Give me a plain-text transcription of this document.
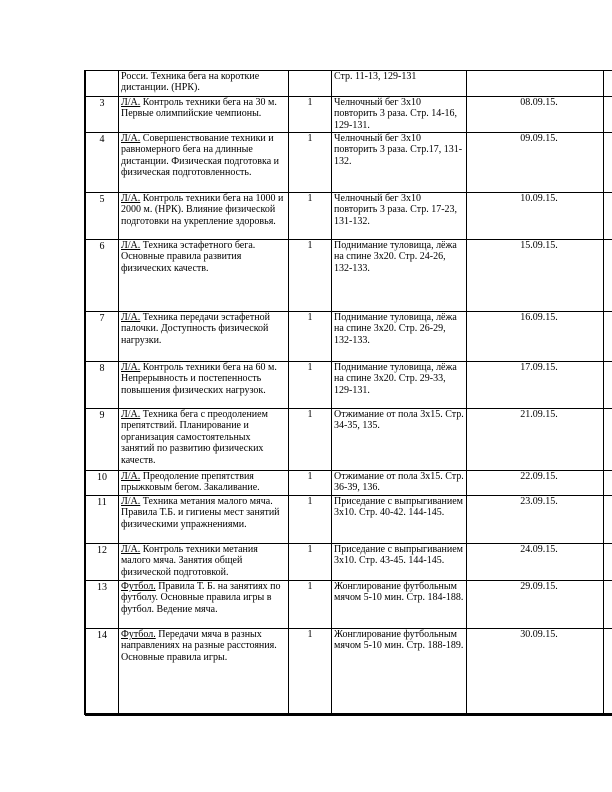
	Росси. Техника бега на короткие дистанции. (НРК).		Стр. 11-13, 129-131		
3	Л/А. Контроль техники бега на 30 м. Первые олимпийские чемпионы.	1	Челночный бег 3х10 повторить 3 раза. Стр. 14-16, 129-131.	08.09.15.	
4	Л/А. Совершенствование техники и равномерного бега на длинные дистанции. Физическая подготовка и физическая подготовленность.	1	Челночный бег 3х10 повторить 3 раза. Стр.17, 131-132.	09.09.15.	
5	Л/А. Контроль техники бега на 1000 и 2000 м. (НРК). Влияние физической подготовки на укрепление здоровья.	1	Челночный бег 3х10 повторить 3 раза. Стр. 17-23, 131-132.	10.09.15.	
6	Л/А. Техника эстафетного бега. Основные правила развития физических качеств.	1	Поднимание туловища, лёжа на спине 3х20. Стр. 24-26, 132-133.	15.09.15.	
7	Л/А. Техника передачи эстафетной палочки. Доступность физической нагрузки.	1	Поднимание туловища, лёжа на спине 3х20. Стр. 26-29, 132-133.	16.09.15.	
8	Л/А. Контроль техники бега на 60 м. Непрерывность и постепенность повышения физических нагрузок.	1	Поднимание туловища, лёжа на спине 3х20. Стр. 29-33, 129-131.	17.09.15.	
9	Л/А. Техника бега с преодолением препятствий. Планирование и организация самостоятельных занятий по развитию физических качеств.	1	Отжимание от пола 3х15. Стр. 34-35, 135.	21.09.15.	
10	Л/А. Преодоление препятствия прыжковым бегом. Закаливание.	1	Отжимание от пола 3х15. Стр. 36-39, 136.	22.09.15.	
11	Л/А. Техника метания малого мяча. Правила Т.Б. и гигиены мест занятий физическими упражнениями.	1	Приседание с выпрыгиванием 3х10. Стр. 40-42. 144-145.	23.09.15.	
12	Л/А. Контроль техники метания малого мяча. Занятия общей физической подготовкой.	1	Приседание с выпрыгиванием 3х10. Стр. 43-45. 144-145.	24.09.15.	
13	Футбол. Правила Т. Б. на занятиях по футболу. Основные правила игры в футбол. Ведение мяча.	1	Жонглирование футбольным мячом 5-10 мин. Стр. 184-188.	29.09.15.	
14	Футбол. Передачи мяча в разных направлениях на разные расстояния. Основные правила игры.	1	Жонглирование футбольным мячом 5-10 мин. Стр. 188-189.	30.09.15.	
